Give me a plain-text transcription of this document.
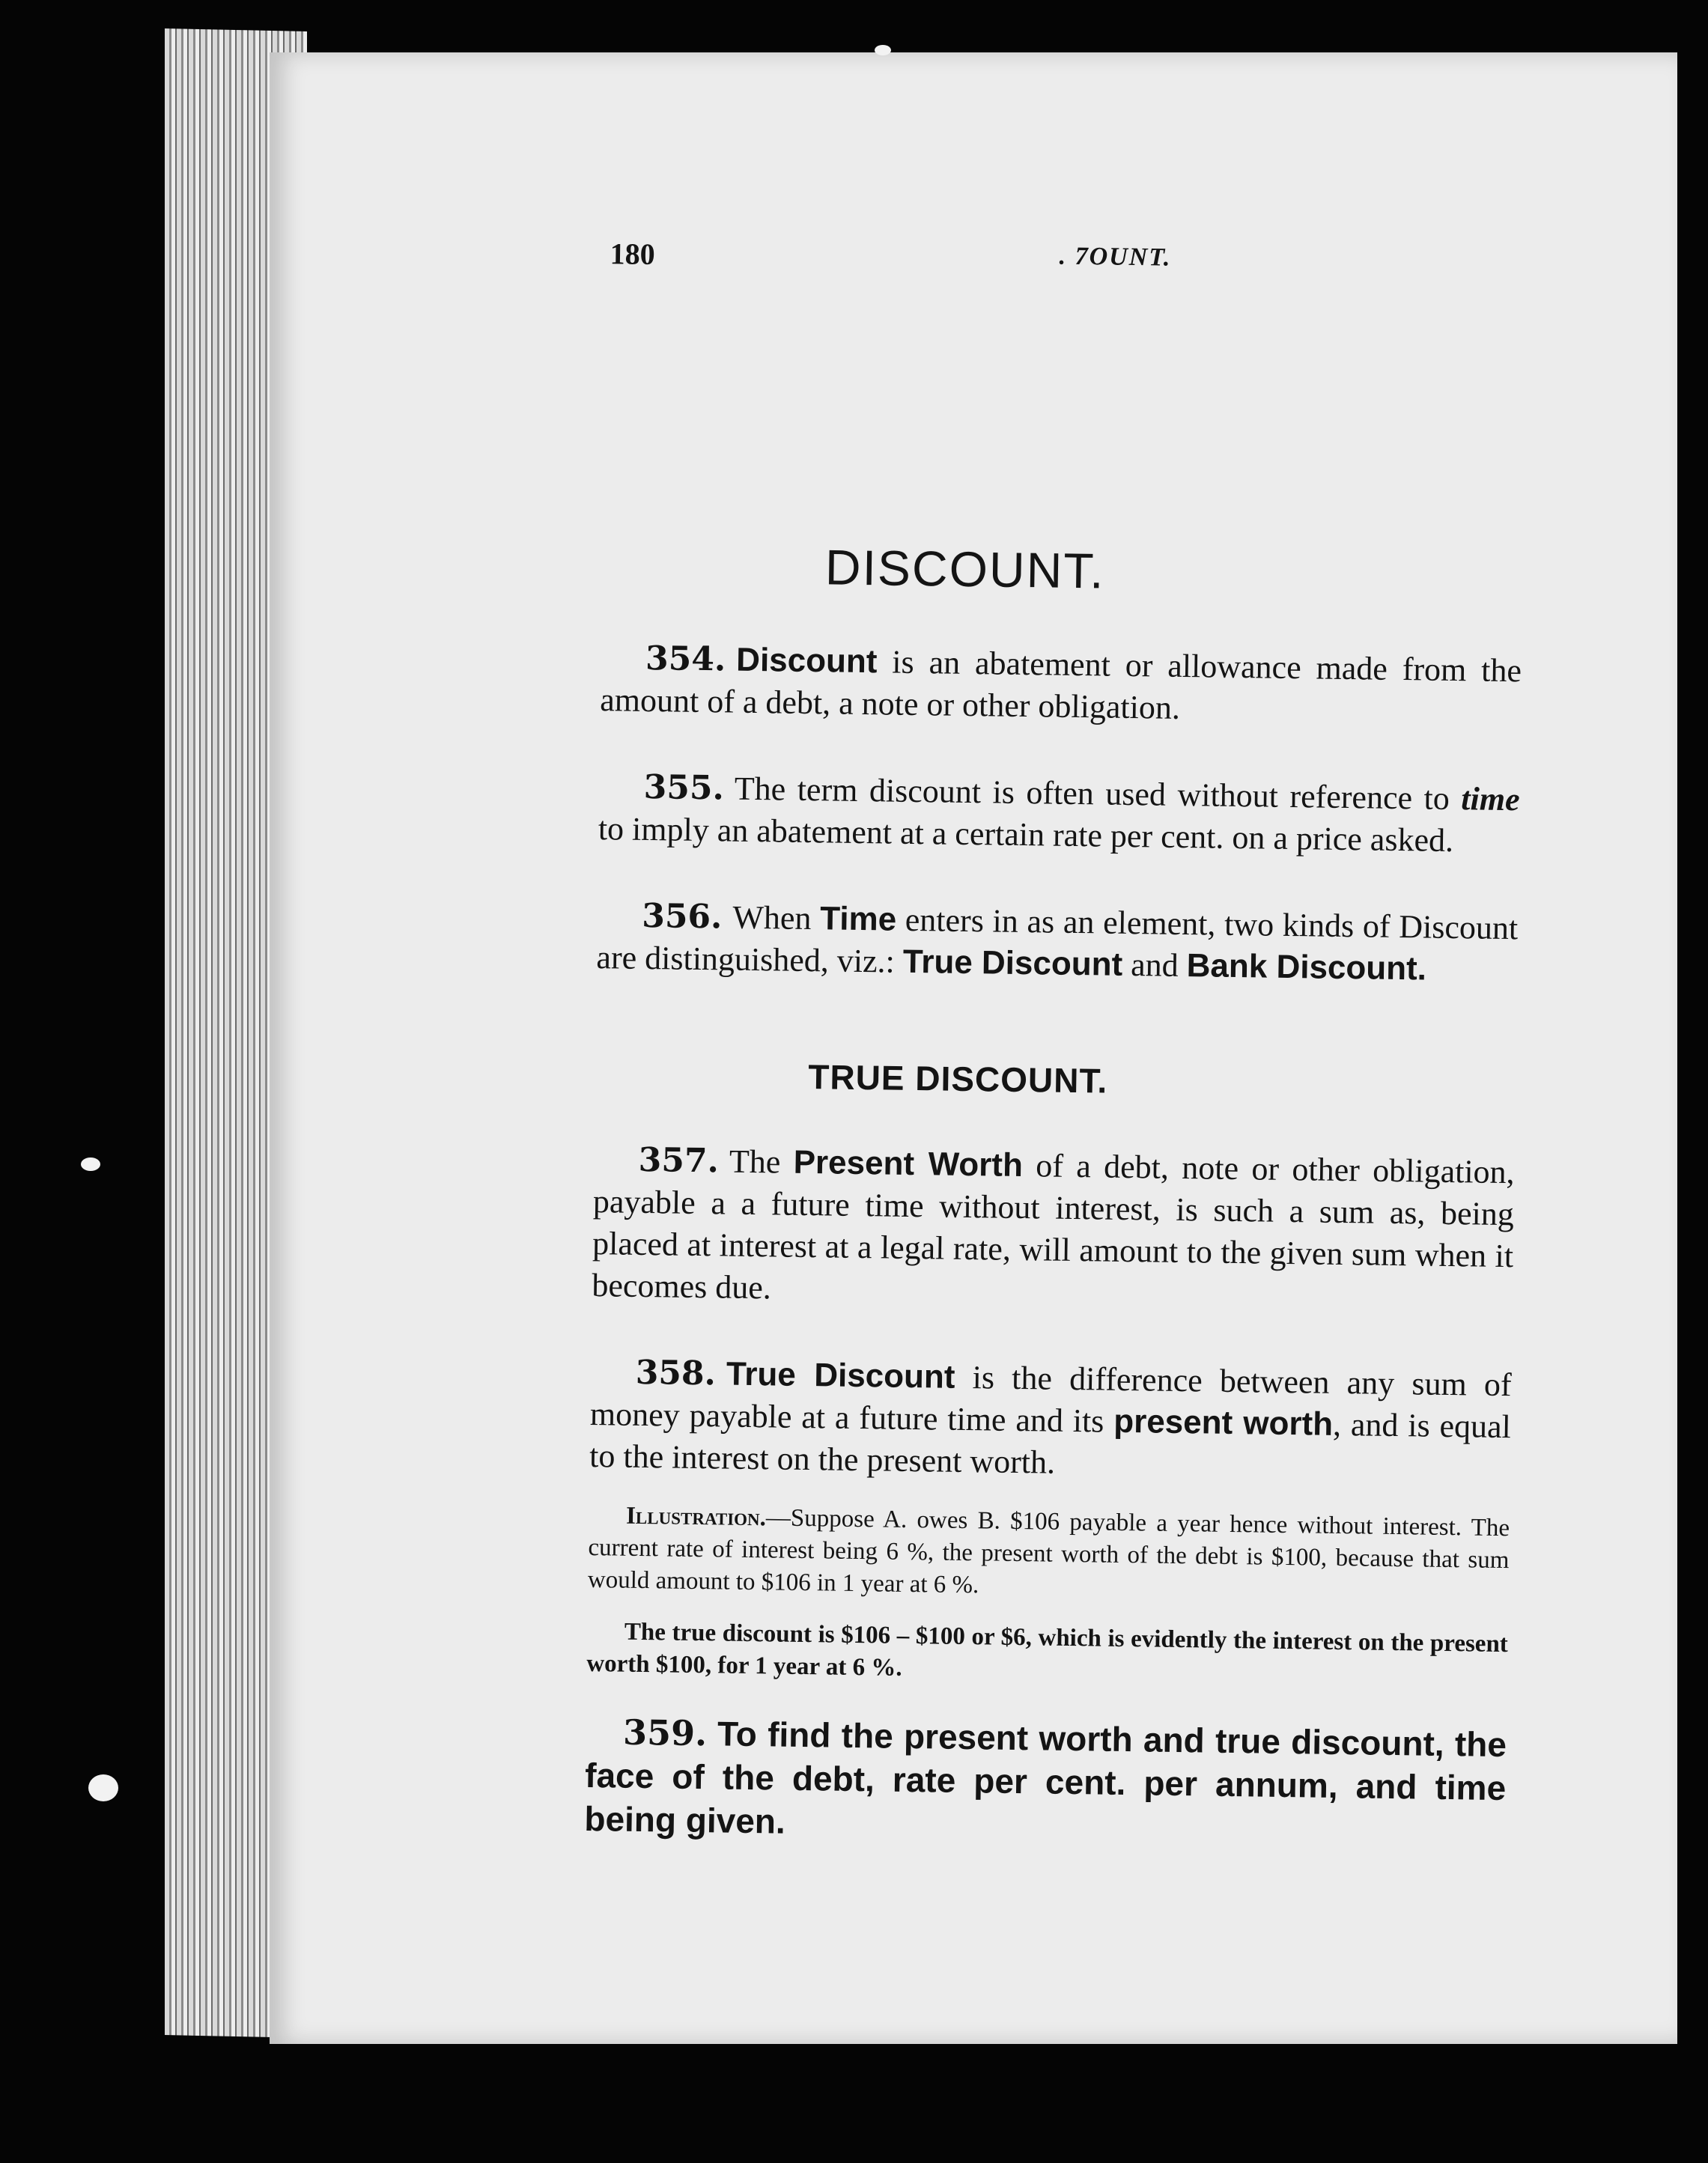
180	. 7OUNT.
DISCOUNT.
354. Discount is an abatement or allowance made from the amount of a debt, a note or other obligation.
355. The term discount is often used without reference to time to imply an abatement at a certain rate per cent. on a price asked.
356. When Time enters in as an element, two kinds of Discount are distinguished, viz.: True Discount and Bank Discount.
TRUE DISCOUNT.
357. The Present Worth of a debt, note or other obligation, payable a a future time without interest, is such a sum as, being placed at interest at a legal rate, will amount to the given sum when it becomes due.
358. True Discount is the difference between any sum of money payable at a future time and its present worth, and is equal to the interest on the present worth.
Illustration.—Suppose A. owes B. $106 payable a year hence without interest. The current rate of interest being 6 %, the present worth of the debt is $100, because that sum would amount to $106 in 1 year at 6 %.
The true discount is $106 – $100 or $6, which is evidently the interest on the present worth $100, for 1 year at 6 %.
359. To find the present worth and true discount, the face of the debt, rate per cent. per annum, and time being given.
